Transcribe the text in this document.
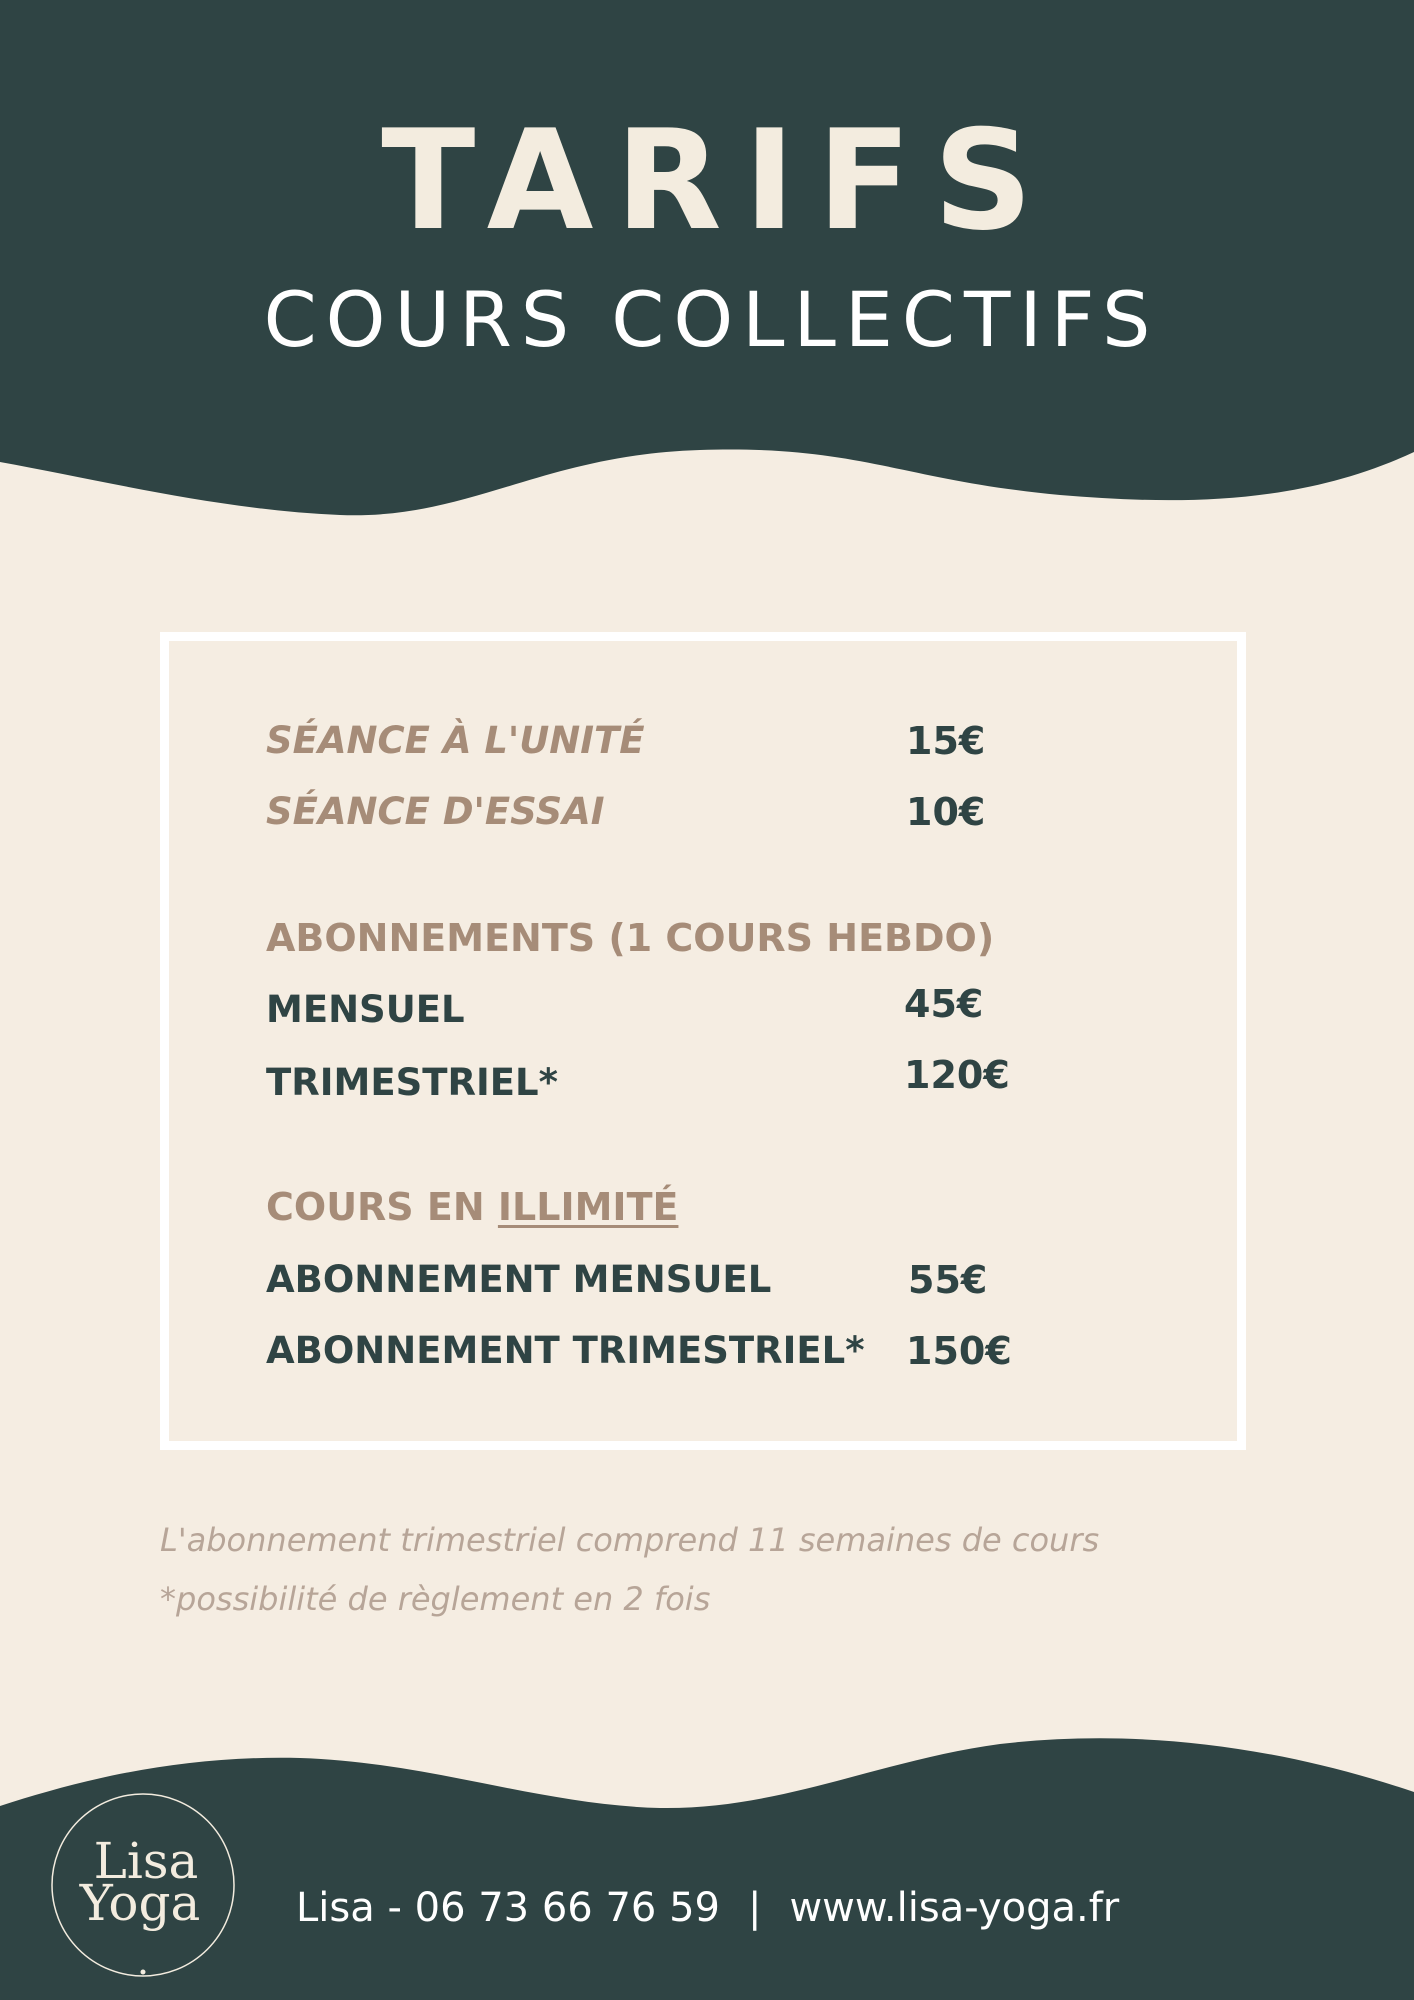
TARIFS
COURS COLLECTIFS
SÉANCE À L'UNITÉ	15€
SÉANCE D'ESSAI	10€
ABONNEMENTS (1 COURS HEBDO)
MENSUEL	45€
TRIMESTRIEL*	120€
COURS EN ILLIMITÉ
ABONNEMENT MENSUEL	55€
ABONNEMENT TRIMESTRIEL* 150€
L'abonnement trimestriel comprend 11 semaines de cours
*possibilité de règlement en 2 fois
Lisa
Yoga Lisa - 06 73 66 76 59 | www.lisa-yoga.fr
